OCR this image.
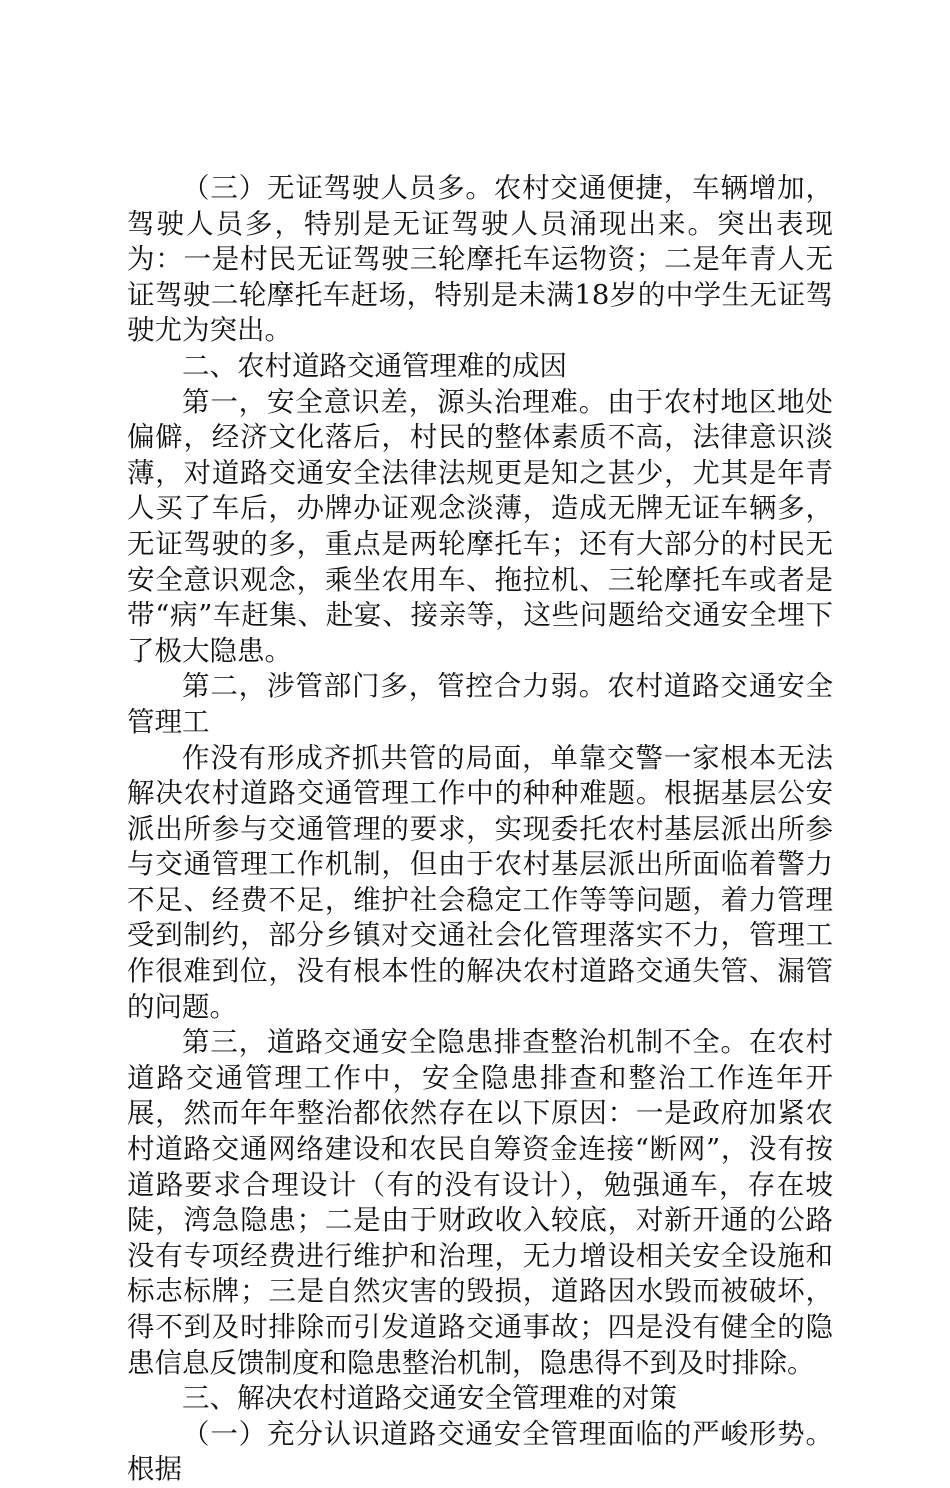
（三）无证驾驶人员多。农村交通便捷，车辆增加，驾驶人员多，特别是无证驾驶人员涌现出来。突出表现为：一是村民无证驾驶三轮摩托车运物资；二是年青人无证驾驶二轮摩托车赶场，特别是未满18岁的中学生无证驾驶尤为突出。

二、农村道路交通管理难的成因

第一，安全意识差，源头治理难。由于农村地区地处偏僻，经济文化落后，村民的整体素质不高，法律意识淡薄，对道路交通安全法律法规更是知之甚少，尤其是年青人买了车后，办牌办证观念淡薄，造成无牌无证车辆多，无证驾驶的多，重点是两轮摩托车；还有大部分的村民无安全意识观念，乘坐农用车、拖拉机、三轮摩托车或者是带“病”车赶集、赴宴、接亲等，这些问题给交通安全埋下了极大隐患。

第二，涉管部门多，管控合力弱。农村道路交通安全管理工

作没有形成齐抓共管的局面，单靠交警一家根本无法解决农村道路交通管理工作中的种种难题。根据基层公安派出所参与交通管理的要求，实现委托农村基层派出所参与交通管理工作机制，但由于农村基层派出所面临着警力不足、经费不足，维护社会稳定工作等等问题，着力管理受到制约，部分乡镇对交通社会化管理落实不力，管理工作很难到位，没有根本性的解决农村道路交通失管、漏管的问题。

第三，道路交通安全隐患排查整治机制不全。在农村道路交通管理工作中，安全隐患排查和整治工作连年开展，然而年年整治都依然存在以下原因：一是政府加紧农村道路交通网络建设和农民自筹资金连接“断网”，没有按道路要求合理设计（有的没有设计），勉强通车，存在坡陡，湾急隐患；二是由于财政收入较底，对新开通的公路没有专项经费进行维护和治理，无力增设相关安全设施和标志标牌；三是自然灾害的毁损，道路因水毁而被破坏，得不到及时排除而引发道路交通事故；四是没有健全的隐患信息反馈制度和隐患整治机制，隐患得不到及时排除。

三、解决农村道路交通安全管理难的对策

（一）充分认识道路交通安全管理面临的严峻形势。根据
